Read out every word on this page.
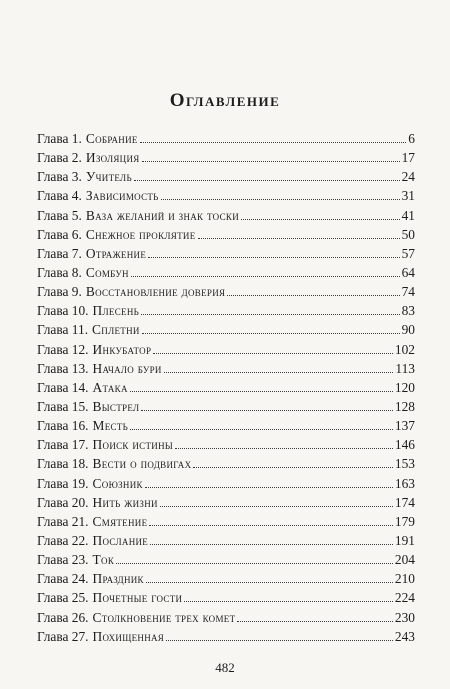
Оглавление
Глава 1. Собрание	6
Глава 2. Изоляция	17
Глава 3. Учитель	24
Глава 4. Зависимость	31
Глава 5. Ваза желаний и знак тоски	41
Глава 6. Снежное проклятие	50
Глава 7. Отражение	57
Глава 8. Сомбун	64
Глава 9. Восстановление доверия	74
Глава 10. Плесень	83
Глава 11. Сплетни	90
Глава 12. Инкубатор	102
Глава 13. Начало бури	113
Глава 14. Атака	120
Глава 15. Выстрел	128
Глава 16. Месть	137
Глава 17. Поиск истины	146
Глава 18. Вести о подвигах	153
Глава 19. Союзник	163
Глава 20. Нить жизни	174
Глава 21. Смятение	179
Глава 22. Послание	191
Глава 23. Ток	204
Глава 24. Праздник	210
Глава 25. Почетные гости	224
Глава 26. Столкновение трех комет	230
Глава 27. Похищенная	243
482
